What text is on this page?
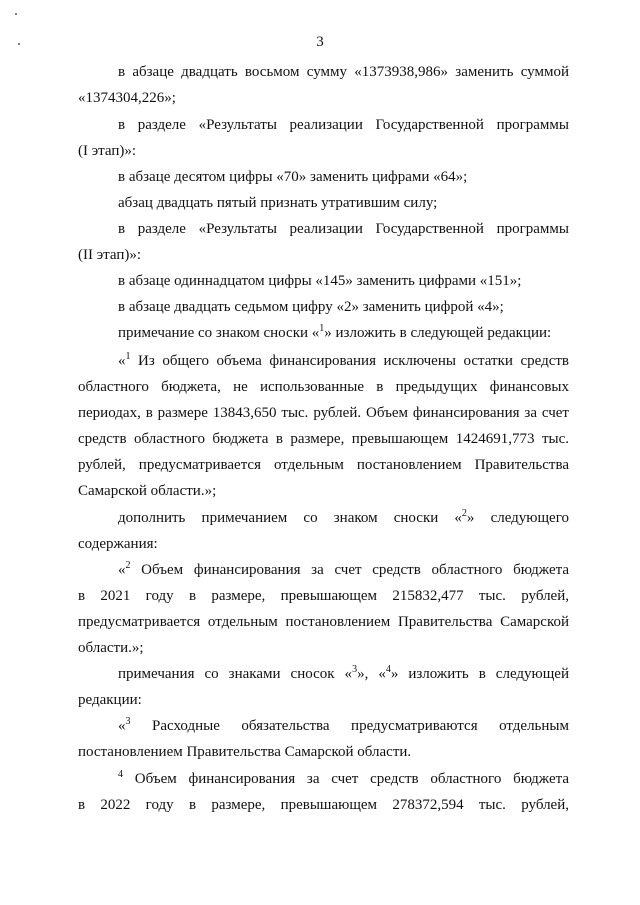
3
в абзаце двадцать восьмом сумму «1373938,986» заменить суммой
«1374304,226»;
в разделе «Результаты реализации Государственной программы
(I этап)»:
в абзаце десятом цифры «70» заменить цифрами «64»;
абзац двадцать пятый признать утратившим силу;
в разделе «Результаты реализации Государственной программы
(II этап)»:
в абзаце одиннадцатом цифры «145» заменить цифрами «151»;
в абзаце двадцать седьмом цифру «2» заменить цифрой «4»;
примечание со знаком сноски «$^1$» изложить в следующей редакции:
«$^1$ Из общего объема финансирования исключены остатки средств
областного бюджета, не использованные в предыдущих финансовых
периодах, в размере 13843,650 тыс. рублей. Объем финансирования за счет
средств областного бюджета в размере, превышающем 1424691,773 тыс.
рублей, предусматривается отдельным постановлением Правительства
Самарской области.»;
дополнить примечанием со знаком сноски «$^2$» следующего
содержания:
«$^2$ Объем финансирования за счет средств областного бюджета
в 2021 году в размере, превышающем 215832,477 тыс. рублей,
предусматривается отдельным постановлением Правительства Самарской
области.»;
примечания со знаками сносок «$^3$», «$^4$» изложить в следующей
редакции:
«$^3$ Расходные обязательства предусматриваются отдельным
постановлением Правительства Самарской области.
$^4$ Объем финансирования за счет средств областного бюджета
в 2022 году в размере, превышающем 278372,594 тыс. рублей,
